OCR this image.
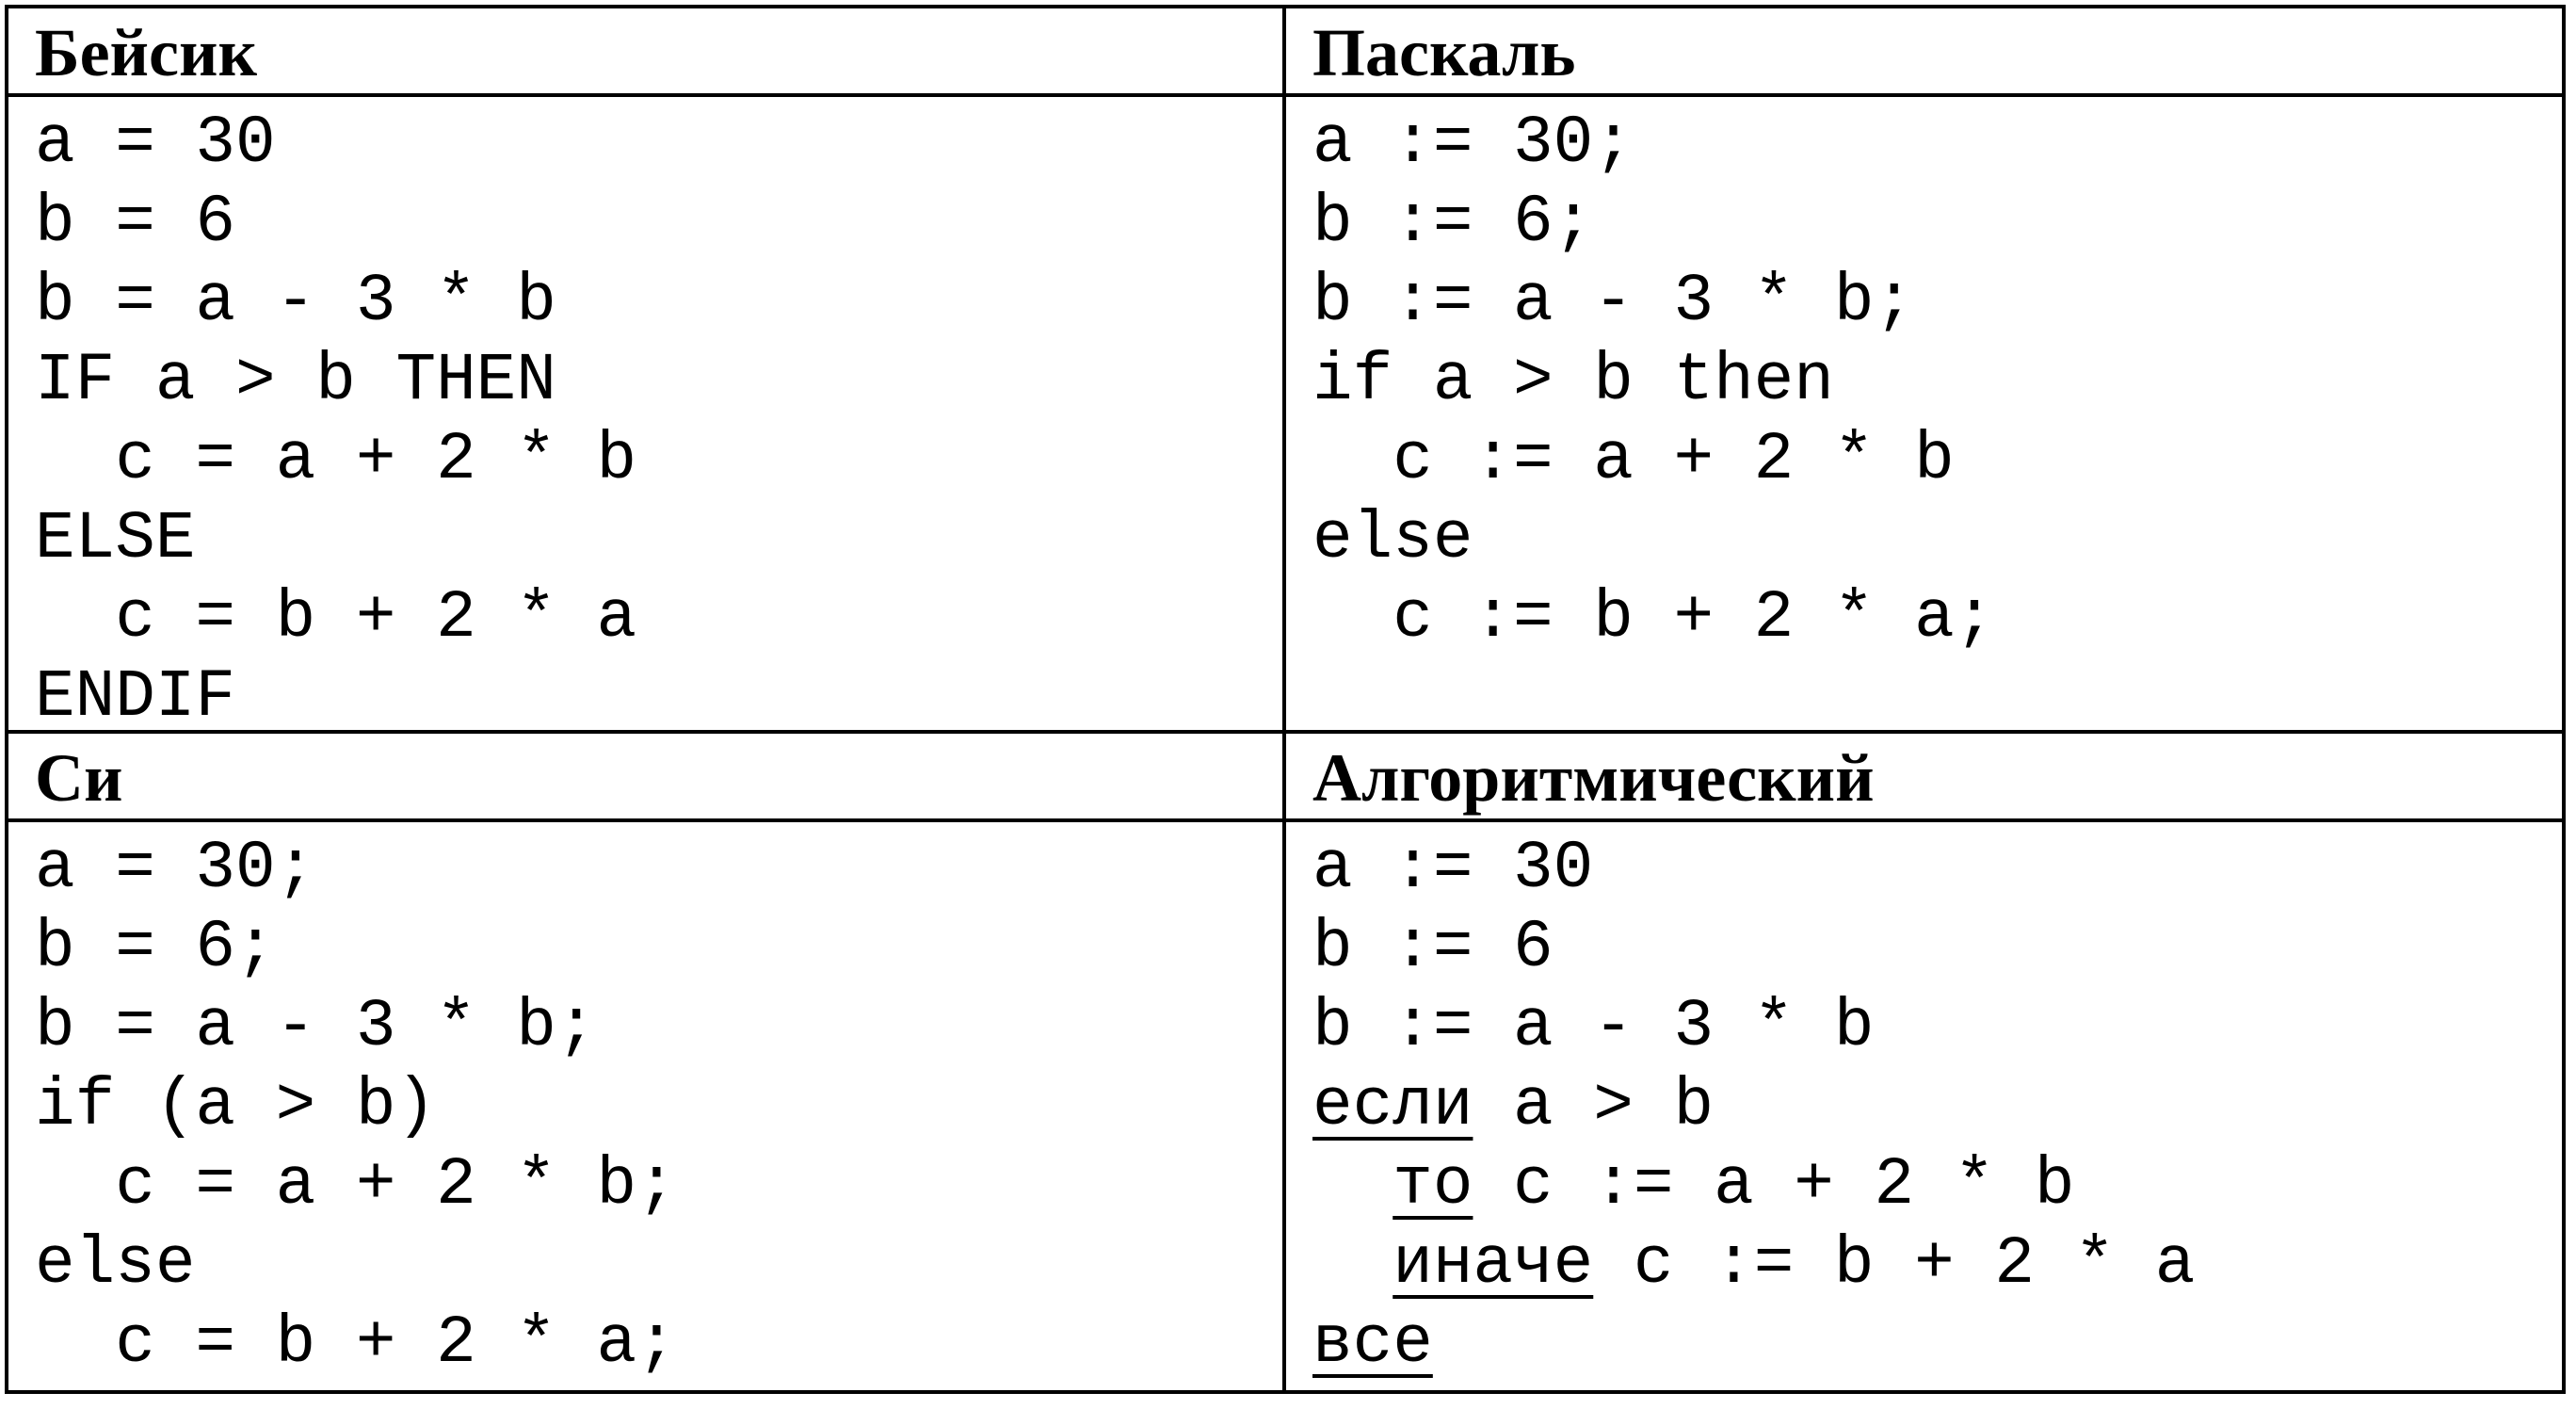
Бейсик	Паскаль
a = 30
b = 6
b = a - 3 * b
IF a > b THEN
c = a + 2 * b
ELSE
c = b + 2 * a
ENDIF
a := 30;
b := 6;
b := a - 3 * b;
if a > b then
c := a + 2 * b
else
c := b + 2 * a;
Си	Алгоритмический
a = 30;
b = 6;
b = a - 3 * b;
if (a > b)
c = a + 2 * b;
else
c = b + 2 * a;
a := 30
b := 6
b := a - 3 * b
если a > b
то c := a + 2 * b
иначе c := b + 2 * a
все
